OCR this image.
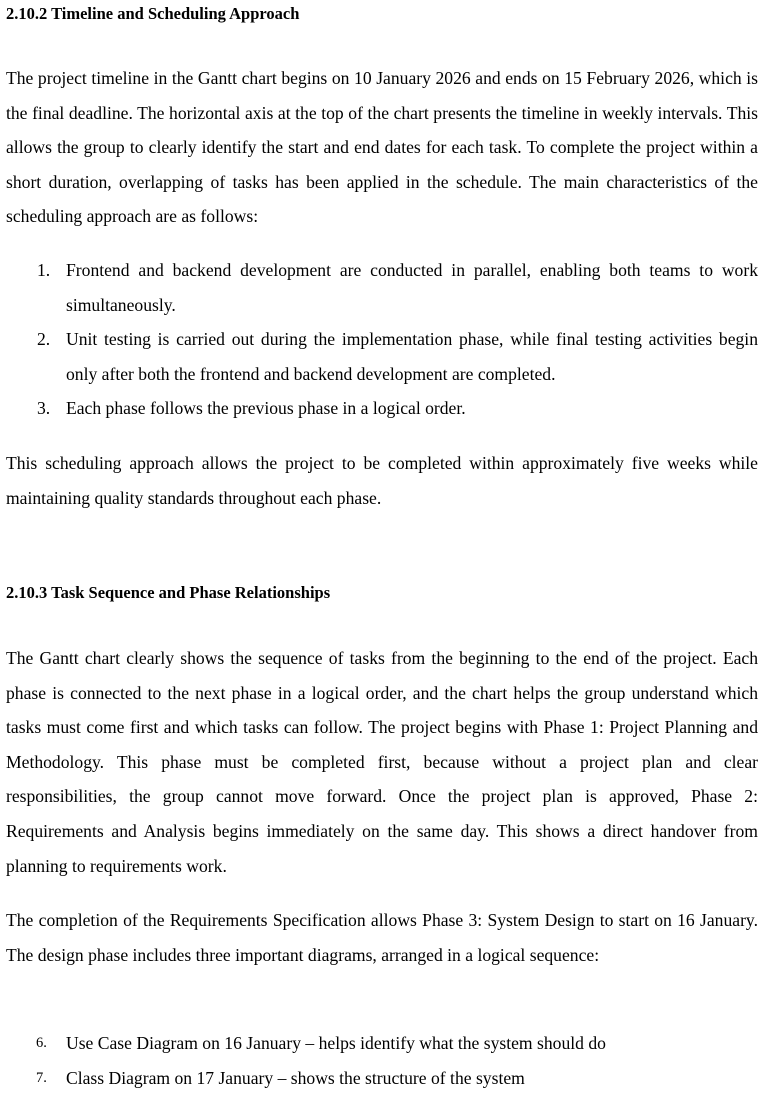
2.10.2 Timeline and Scheduling Approach

The project timeline in the Gantt chart begins on 10 January 2026 and ends on 15 February 2026, which is the final deadline. The horizontal axis at the top of the chart presents the timeline in weekly intervals. This allows the group to clearly identify the start and end dates for each task. To complete the project within a short duration, overlapping of tasks has been applied in the schedule. The main characteristics of the scheduling approach are as follows:

1. Frontend and backend development are conducted in parallel, enabling both teams to work simultaneously.
2. Unit testing is carried out during the implementation phase, while final testing activities begin only after both the frontend and backend development are completed.
3. Each phase follows the previous phase in a logical order.

This scheduling approach allows the project to be completed within approximately five weeks while maintaining quality standards throughout each phase.

2.10.3 Task Sequence and Phase Relationships

The Gantt chart clearly shows the sequence of tasks from the beginning to the end of the project. Each phase is connected to the next phase in a logical order, and the chart helps the group understand which tasks must come first and which tasks can follow. The project begins with Phase 1: Project Planning and Methodology. This phase must be completed first, because without a project plan and clear responsibilities, the group cannot move forward. Once the project plan is approved, Phase 2: Requirements and Analysis begins immediately on the same day. This shows a direct handover from planning to requirements work.

The completion of the Requirements Specification allows Phase 3: System Design to start on 16 January. The design phase includes three important diagrams, arranged in a logical sequence:

6. Use Case Diagram on 16 January – helps identify what the system should do
7. Class Diagram on 17 January – shows the structure of the system
